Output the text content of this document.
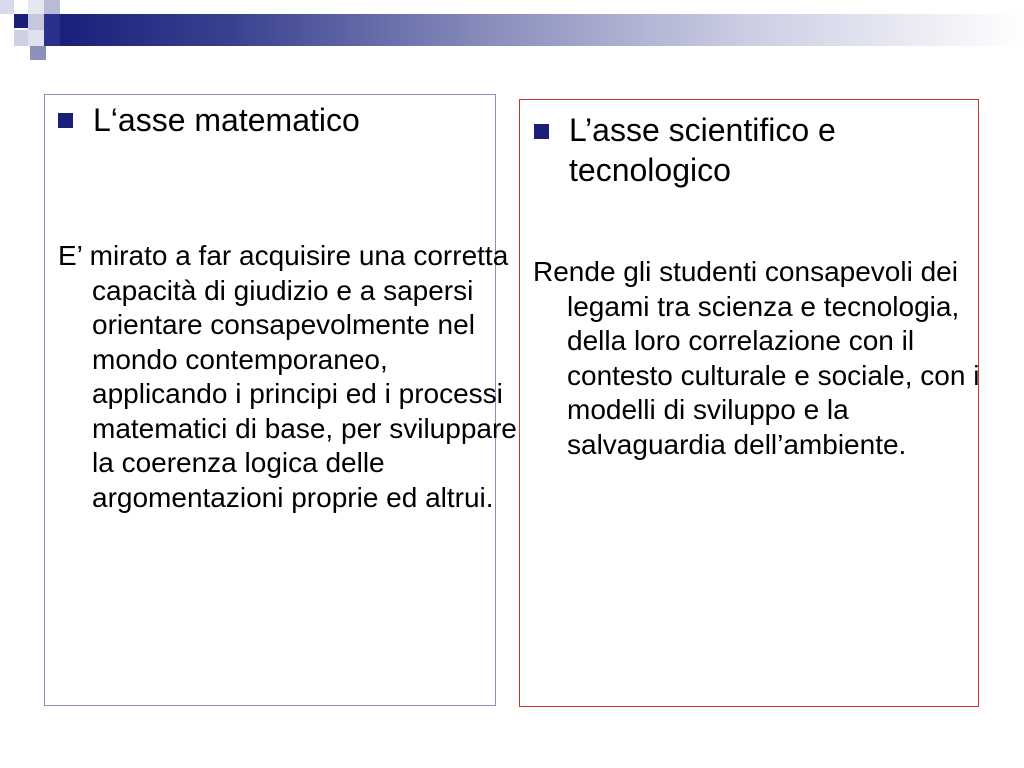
L‘asse matematico

E’ mirato a far acquisire una corretta capacità di giudizio e a sapersi orientare consapevolmente nel mondo contemporaneo, applicando i principi ed i processi matematici di base, per sviluppare la coerenza logica delle argomentazioni proprie ed altrui.

L’asse scientifico e tecnologico

Rende gli studenti consapevoli dei legami tra scienza e tecnologia, della loro correlazione con il contesto culturale e sociale, con i modelli di sviluppo e la salvaguardia dell’ambiente.
